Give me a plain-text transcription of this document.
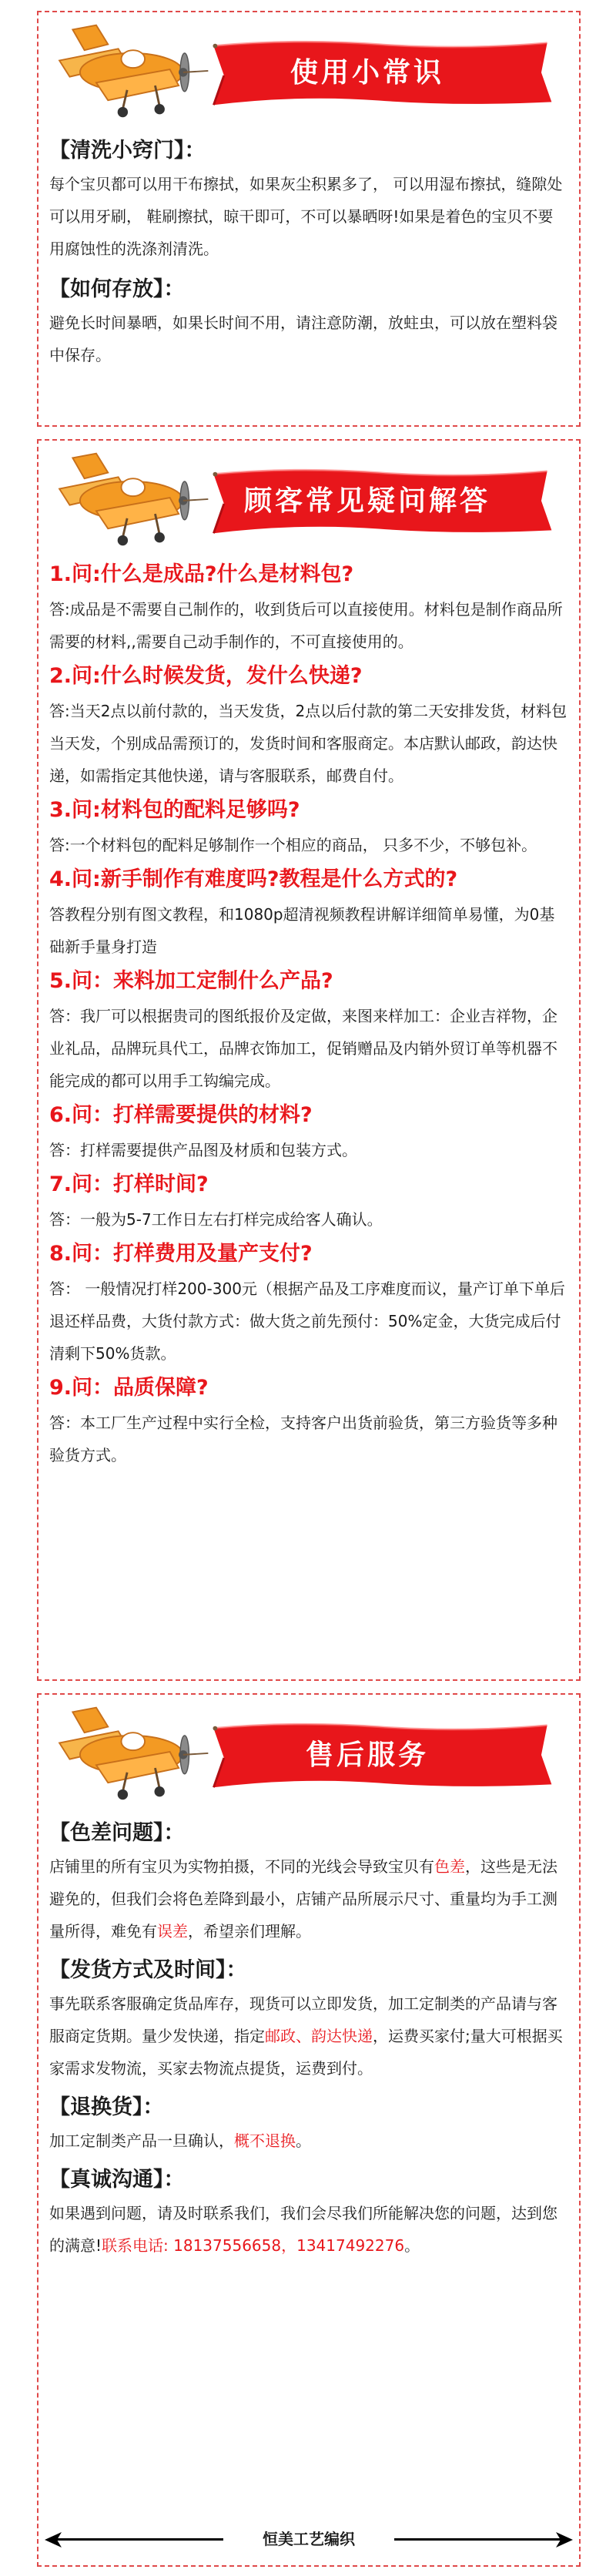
使用小常识

【清洗小窍门】：

每个宝贝都可以用干布擦拭，如果灰尘积累多了， 可以用湿布擦拭，缝隙处可以用牙刷， 鞋刷擦拭，晾干即可，不可以暴晒呀!如果是着色的宝贝不要用腐蚀性的洗涤剂清洗。

【如何存放】：

避免长时间暴晒，如果长时间不用，请注意防潮，放蛀虫，可以放在塑料袋中保存。

顾客常见疑问解答

1.问:什么是成品?什么是材料包?

答:成品是不需要自己制作的，收到货后可以直接使用。材料包是制作商品所需要的材料,,需要自己动手制作的，不可直接使用的。

2.问:什么时候发货，发什么快递?

答:当天2点以前付款的，当天发货，2点以后付款的第二天安排发货，材料包当天发，个别成品需预订的，发货时间和客服商定。本店默认邮政，韵达快递，如需指定其他快递，请与客服联系，邮费自付。

3.问:材料包的配料足够吗?

答:一个材料包的配料足够制作一个相应的商品， 只多不少，不够包补。

4.问:新手制作有难度吗?教程是什么方式的?

答教程分别有图文教程，和1080p超清视频教程讲解详细简单易懂，为0基础新手量身打造

5.问：来料加工定制什么产品?

答：我厂可以根据贵司的图纸报价及定做，来图来样加工：企业吉祥物，企业礼品，品牌玩具代工，品牌衣饰加工，促销赠品及内销外贸订单等机器不能完成的都可以用手工钩编完成。

6.问：打样需要提供的材料?

答：打样需要提供产品图及材质和包装方式。

7.问：打样时间?

答：一般为5-7工作日左右打样完成给客人确认。

8.问：打样费用及量产支付?

答： 一般情况打样200-300元（根据产品及工序难度而议，量产订单下单后退还样品费，大货付款方式：做大货之前先预付：50%定金，大货完成后付清剩下50%货款。

9.问：品质保障?

答：本工厂生产过程中实行全检，支持客户出货前验货，第三方验货等多种验货方式。

售后服务

【色差问题】：

店铺里的所有宝贝为实物拍摄，不同的光线会导致宝贝有色差，这些是无法避免的，但我们会将色差降到最小，店铺产品所展示尺寸、重量均为手工测量所得，难免有误差，希望亲们理解。

【发货方式及时间】：

事先联系客服确定货品库存，现货可以立即发货，加工定制类的产品请与客服商定货期。量少发快递，指定邮政、韵达快递，运费买家付;量大可根据买家需求发物流，买家去物流点提货，运费到付。

【退换货】：

加工定制类产品一旦确认，概不退换。

【真诚沟通】：

如果遇到问题，请及时联系我们，我们会尽我们所能解决您的问题，达到您的满意!联系电话: 18137556658，13417492276。

恒美工艺编织
